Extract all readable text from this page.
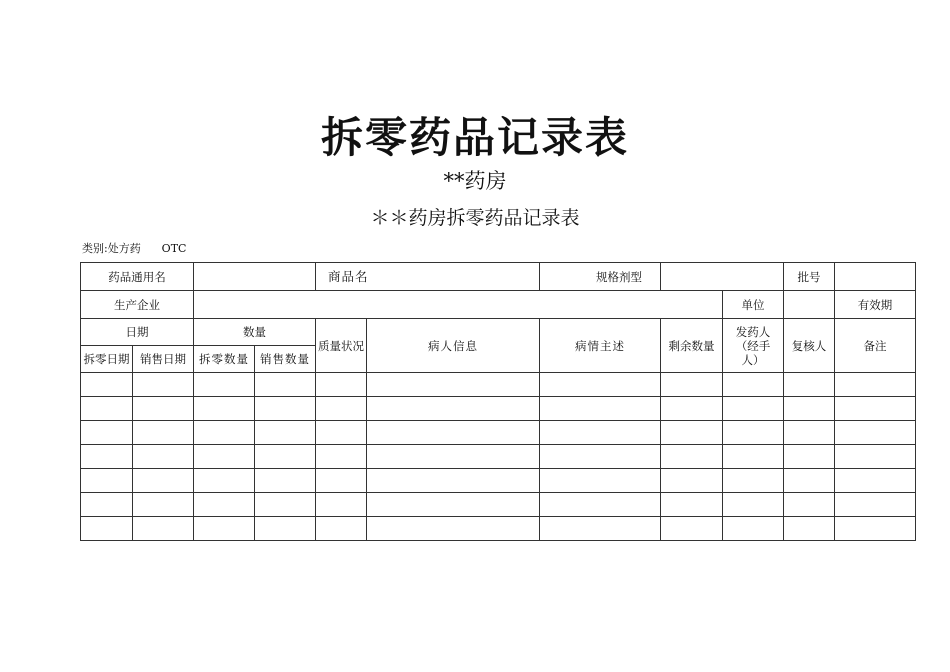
拆零药品记录表
**药房
＊＊药房拆零药品记录表
类别:处方药      OTC
药品通用名				商品名		规格剂型			批号		
生产企业								单位		有效期	
日期		数量		质量状况	病人信息	病情主述	剩余数量	发药人（经手人）	复核人	备注	
拆零日期	销售日期	拆零数量	销售数量								
